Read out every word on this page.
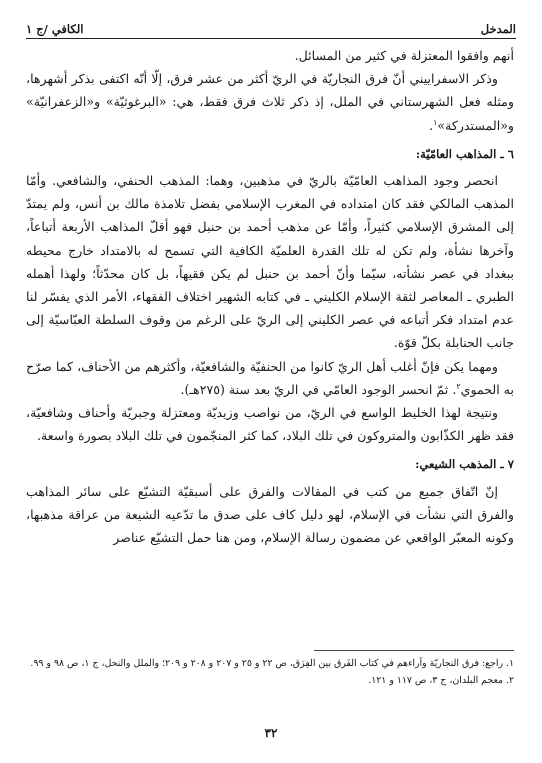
المدخل
الكافي /ج ١

أنهم وافقوا المعتزلة في كثير من المسائل.

وذكر الاسفراييني أنّ فرق النجاريّة في الريّ أكثر من عشر فرق، إلّا أنّه اكتفى بذكر أشهرها، ومثله فعل الشهرستاني في الملل، إذ ذكر ثلاث فرق فقط، هي: «البرغوثيّة» و«الزعفرانيّة» و«المستدركة»$^١$.

٦ ـ المذاهب العامّيّة:

انحصر وجود المذاهب العامّيّة بالريّ في مذهبين، وهما: المذهب الحنفي، والشافعي. وأمّا المذهب المالكي فقد كان امتداده في المغرب الإسلامي بفضل تلامذة مالك بن أنس، ولم يمتدّ إلى المشرق الإسلامي كثيراً، وأمّا عن مذهب أحمد بن حنبل فهو أقلّ المذاهب الأربعة أتباعاً، وآخرها نشأة، ولم تكن له تلك القدرة العلميّة الكافية التي تسمح له بالامتداد خارج محيطه ببغداد في عصر نشأته، سيّما وأنّ أحمد بن حنبل لم يكن فقيهاً، بل كان محدّثاً؛ ولهذا أهمله الطبري ـ المعاصر لثقة الإسلام الكليني ـ في كتابه الشهير اختلاف الفقهاء، الأمر الذي يفسّر لنا عدم امتداد فكر أتباعه في عصر الكليني إلى الريّ على الرغم من وقوف السلطة العبّاسيّة إلى جانب الحنابلة بكلّ قوّة.

ومهما يكن فإنّ أغلب أهل الريّ كانوا من الحنفيّة والشافعيّة، وأكثرهم من الأحناف، كما صرّح به الحموي$^٢$. ثمّ انحسر الوجود العامّي في الريّ بعد سنة (٢٧٥هـ).

ونتيجة لهذا الخليط الواسع في الريّ، من نواصب وزيديّة ومعتزلة وجبريّة وأحناف وشافعيّة، فقد ظهر الكذّابون والمتروكون في تلك البلاد، كما كثر المنجّمون في تلك البلاد بصورة واسعة.

٧ ـ المذهب الشيعي:

إنّ اتّفاق جميع من كتب في المقالات والفرق على أسبقيّة التشيّع على سائر المذاهب والفرق التي نشأت في الإسلام، لهو دليل كاف على صدق ما تدّعيه الشيعة من عراقة مذهبها، وكونه المعبّر الواقعي عن مضمون رسالة الإسلام، ومن هنا حمل التشيّع عناصر

١. راجع: فرق النجاريّة وآراءهم في كتاب الفَرق بين الفِرَق، ص ٢٢ و ٢٥ و ٢٠٧ و ٢٠٨ و ٢٠٩؛ والملل والنحل، ج ١، ص ٩٨ و ٩٩.
٢. معجم البلدان، ج ٣، ص ١١٧ و ١٢١.
٣٢
